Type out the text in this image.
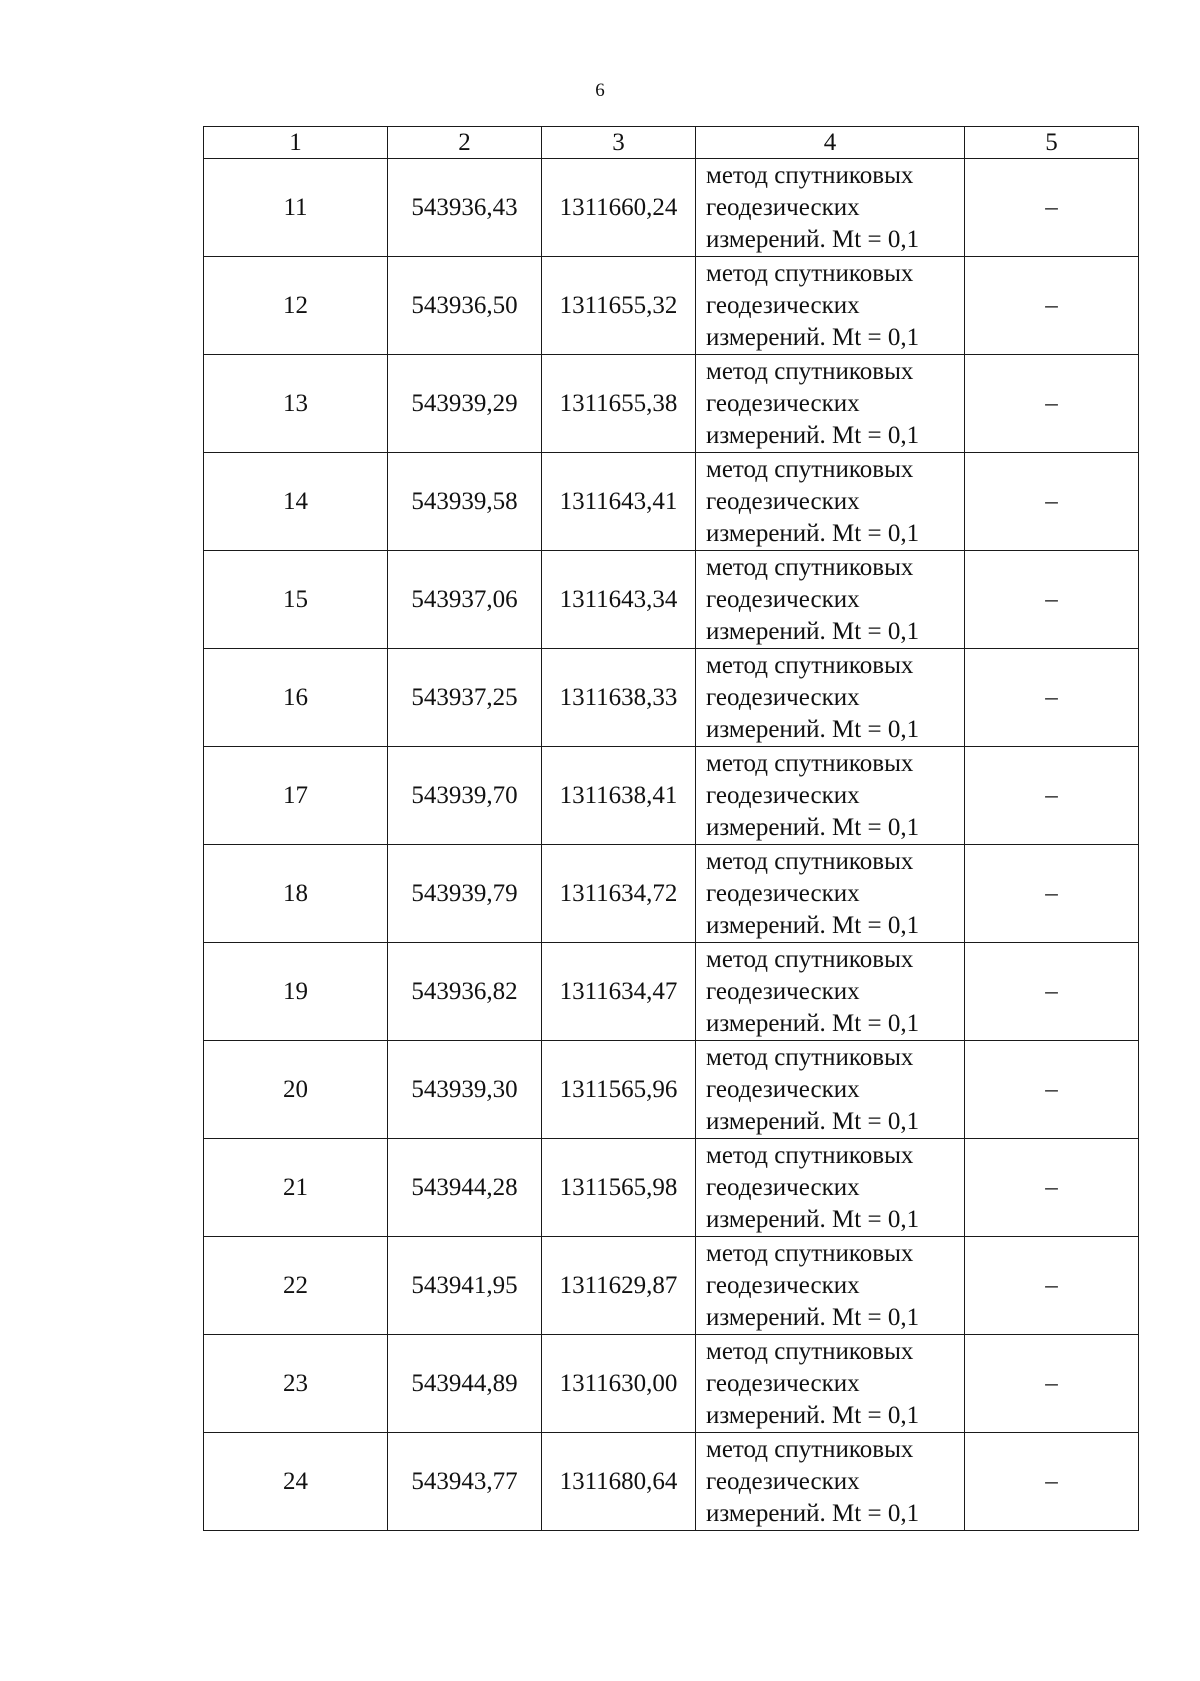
6
1	2	3	4	5
11	543936,43	1311660,24	метод спутниковых
геодезических
измерений. Mt = 0,1	–
12	543936,50	1311655,32	метод спутниковых
геодезических
измерений. Mt = 0,1	–
13	543939,29	1311655,38	метод спутниковых
геодезических
измерений. Mt = 0,1	–
14	543939,58	1311643,41	метод спутниковых
геодезических
измерений. Mt = 0,1	–
15	543937,06	1311643,34	метод спутниковых
геодезических
измерений. Mt = 0,1	–
16	543937,25	1311638,33	метод спутниковых
геодезических
измерений. Mt = 0,1	–
17	543939,70	1311638,41	метод спутниковых
геодезических
измерений. Mt = 0,1	–
18	543939,79	1311634,72	метод спутниковых
геодезических
измерений. Mt = 0,1	–
19	543936,82	1311634,47	метод спутниковых
геодезических
измерений. Mt = 0,1	–
20	543939,30	1311565,96	метод спутниковых
геодезических
измерений. Mt = 0,1	–
21	543944,28	1311565,98	метод спутниковых
геодезических
измерений. Mt = 0,1	–
22	543941,95	1311629,87	метод спутниковых
геодезических
измерений. Mt = 0,1	–
23	543944,89	1311630,00	метод спутниковых
геодезических
измерений. Mt = 0,1	–
24	543943,77	1311680,64	метод спутниковых
геодезических
измерений. Mt = 0,1	–
